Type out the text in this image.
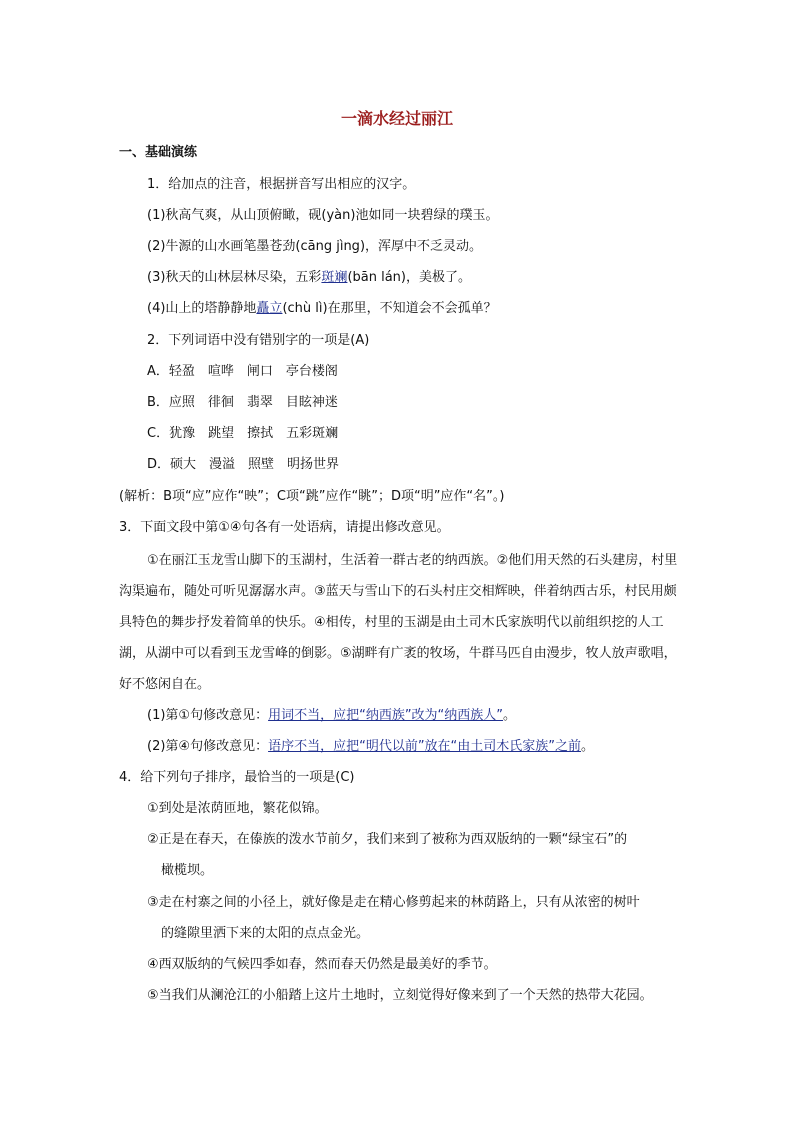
一滴水经过丽江
一、基础演练
1．给加点的注音，根据拼音写出相应的汉字。
(1)秋高气爽，从山顶俯瞰，砚(yàn)池如同一块碧绿的璞玉。
(2)牛源的山水画笔墨苍劲(cāng jìng)，浑厚中不乏灵动。
(3)秋天的山林层林尽染，五彩斑斓(bān lán)，美极了。
(4)山上的塔静静地矗立(chù lì)在那里，不知道会不会孤单？
2．下列词语中没有错别字的一项是(A)
A．轻盈　喧哗　闸口　亭台楼阁
B．应照　徘徊　翡翠　目眩神迷
C．犹豫　跳望　擦拭　五彩斑斓
D．硕大　漫溢　照壁　明扬世界
(解析：B项“应”应作“映”；C项“跳”应作“眺”；D项“明”应作“名”。)
3．下面文段中第①④句各有一处语病，请提出修改意见。
①在丽江玉龙雪山脚下的玉湖村，生活着一群古老的纳西族。②他们用天然的石头建房，村里沟渠遍布，随处可听见潺潺水声。③蓝天与雪山下的石头村庄交相辉映，伴着纳西古乐，村民用颇具特色的舞步抒发着简单的快乐。④相传，村里的玉湖是由土司木氏家族明代以前组织挖的人工湖，从湖中可以看到玉龙雪峰的倒影。⑤湖畔有广袤的牧场，牛群马匹自由漫步，牧人放声歌唱，好不悠闲自在。
(1)第①句修改意见：用词不当，应把“纳西族”改为“纳西族人”。
(2)第④句修改意见：语序不当，应把“明代以前”放在“由土司木氏家族”之前。
4．给下列句子排序，最恰当的一项是(C)
①到处是浓荫匝地，繁花似锦。
②正是在春天，在傣族的泼水节前夕，我们来到了被称为西双版纳的一颗“绿宝石”的
橄榄坝。
③走在村寨之间的小径上，就好像是走在精心修剪起来的林荫路上，只有从浓密的树叶
的缝隙里洒下来的太阳的点点金光。
④西双版纳的气候四季如春，然而春天仍然是最美好的季节。
⑤当我们从澜沧江的小船踏上这片土地时，立刻觉得好像来到了一个天然的热带大花园。
